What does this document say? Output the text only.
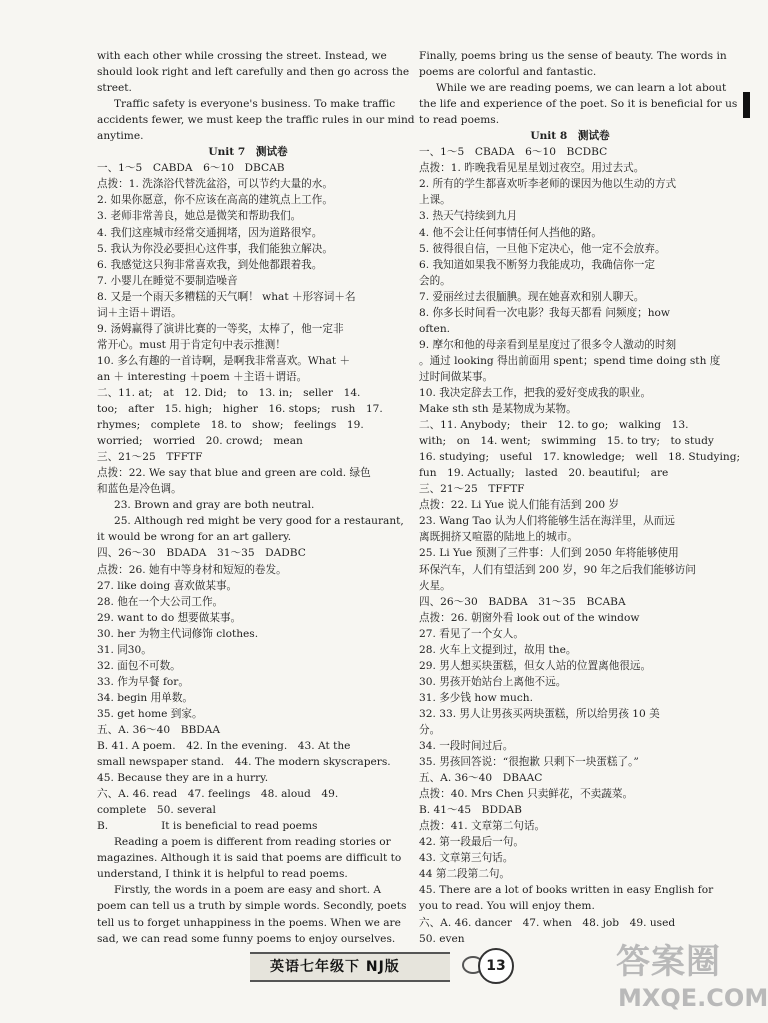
with each other while crossing the street. Instead, we
should look right and left carefully and then go across the
street.
Traffic safety is everyone's business. To make traffic
accidents fewer, we must keep the traffic rules in our mind
anytime.
Unit 7　测试卷
一、1～5　CABDA　6～10　DBCAB
点拨：1. 洗涤浴代替洗盆浴，可以节约大量的水。
2. 如果你愿意，你不应该在高高的建筑点上工作。
3. 老师非常善良，她总是微笑和帮助我们。
4. 我们这座城市经常交通拥堵，因为道路很窄。
5. 我认为你没必要担心这件事，我们能独立解决。
6. 我感觉这只狗非常喜欢我，到处他都跟着我。
7. 小婴儿在睡觉不要制造噪音
8. 又是一个雨天多糟糕的天气啊！ what ＋形容词＋名
词＋主语＋谓语。
9. 汤姆赢得了演讲比赛的一等奖，太棒了，他一定非
常开心。must 用于肯定句中表示推测！
10. 多么有趣的一首诗啊，是啊我非常喜欢。What ＋
an ＋ interesting ＋poem ＋主语＋谓语。
二、11. at;　at　12. Did;　to　13. in;　seller　14.
too;　after　15. high;　higher　16. stops;　rush　17.
rhymes;　complete　18. to　show;　feelings　19.
worried;　worried　20. crowd;　mean
三、21～25　TFFTF
点拨：22. We say that blue and green are cold. 绿色
和蓝色是冷色调。
23. Brown and gray are both neutral.
25. Although red might be very good for a restaurant,
it would be wrong for an art gallery.
四、26～30　BDADA　31～35　DADBC
点拨：26. 她有中等身材和短短的卷发。
27. like doing 喜欢做某事。
28. 他在一个大公司工作。
29. want to do 想要做某事。
30. her 为物主代词修饰 clothes.
31. 同30。
32. 面包不可数。
33. 作为早餐 for。
34. begin 用单数。
35. get home 到家。
五、A. 36～40　BBDAA
B. 41. A poem.　42. In the evening.　43. At the
small newspaper stand.　44. The modern skyscrapers.
45. Because they are in a hurry.
六、A. 46. read　47. feelings　48. aloud　49.
complete　50. several
B.　　　　　It is beneficial to read poems
Reading a poem is different from reading stories or
magazines. Although it is said that poems are difficult to
understand, I think it is helpful to read poems.
Firstly, the words in a poem are easy and short. A
poem can tell us a truth by simple words. Secondly, poets
tell us to forget unhappiness in the poems. When we are
sad, we can read some funny poems to enjoy ourselves.
Finally, poems bring us the sense of beauty. The words in
poems are colorful and fantastic.
While we are reading poems, we can learn a lot about
the life and experience of the poet. So it is beneficial for us
to read poems.
Unit 8　测试卷
一、1～5　CBADA　6～10　BCDBC
点拨：1. 昨晚我看见星星划过夜空。用过去式。
2. 所有的学生都喜欢听李老师的课因为他以生动的方式
上课。
3. 热天气持续到九月
4. 他不会让任何事情任何人挡他的路。
5. 彼得很自信，一旦他下定决心，他一定不会放弃。
6. 我知道如果我不断努力我能成功，我确信你一定
会的。
7. 爱丽丝过去很腼腆。现在她喜欢和别人聊天。
8. 你多长时间看一次电影？我每天都看 问频度；how
often.
9. 摩尔和他的母亲看到星星度过了很多令人激动的时刻
。通过 looking 得出前面用 spent；spend time doing sth 度
过时间做某事。
10. 我决定辞去工作，把我的爱好变成我的职业。
Make sth sth 是某物成为某物。
二、11. Anybody;　their　12. to go;　walking　13.
with;　on　14. went;　swimming　15. to try;　to study
16. studying;　useful　17. knowledge;　well　18. Studying;
fun　19. Actually;　lasted　20. beautiful;　are
三、21～25　TFFTF
点拨：22. Li Yue 说人们能有活到 200 岁
23. Wang Tao 认为人们将能够生活在海洋里，从而远
离既拥挤又喧嚣的陆地上的城市。
25. Li Yue 预测了三件事：人们到 2050 年将能够使用
环保汽车，人们有望活到 200 岁，90 年之后我们能够访问
火星。
四、26～30　BADBA　31～35　BCABA
点拨：26. 朝窗外看 look out of the window
27. 看见了一个女人。
28. 火车上文提到过，故用 the。
29. 男人想买块蛋糕，但女人站的位置离他很远。
30. 男孩开始站台上离他不远。
31. 多少钱 how much.
32. 33. 男人让男孩买两块蛋糕，所以给男孩 10 美
分。
34. 一段时间过后。
35. 男孩回答说：“很抱歉 只剩下一块蛋糕了。”
五、A. 36～40　DBAAC
点拨：40. Mrs Chen 只卖鲜花，不卖蔬菜。
B. 41～45　BDDAB
点拨：41. 文章第二句话。
42. 第一段最后一句。
43. 文章第三句话。
44 第二段第二句。
45. There are a lot of books written in easy English for
you to read. You will enjoy them.
六、A. 46. dancer　47. when　48. job　49. used
50. even
英语七年级下 NJ版	13	答案圈
MXQE.COM
